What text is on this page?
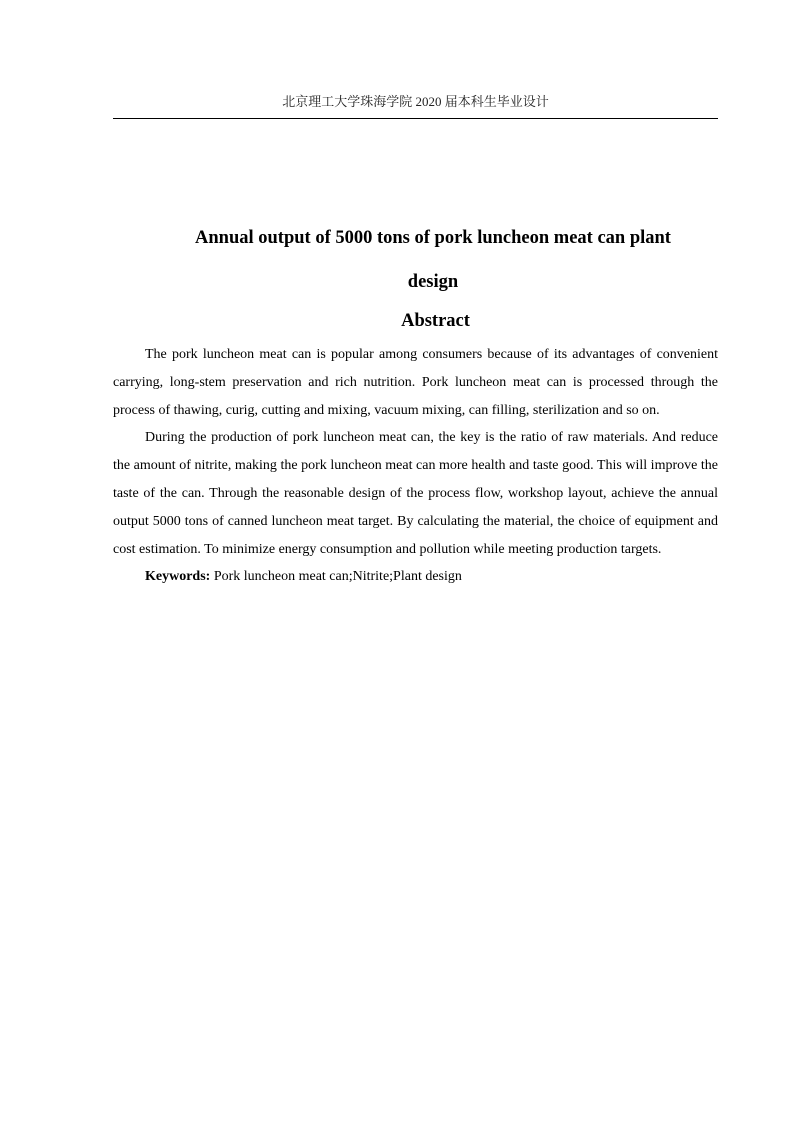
北京理工大学珠海学院 2020 届本科生毕业设计
Annual output of 5000 tons of pork luncheon meat can plant
design
Abstract

The pork luncheon meat can is popular among consumers because of its advantages of convenient carrying, long-stem preservation and rich nutrition. Pork luncheon meat can is processed through the process of thawing, curig, cutting and mixing, vacuum mixing, can filling, sterilization and so on.

During the production of pork luncheon meat can, the key is the ratio of raw materials. And reduce the amount of nitrite, making the pork luncheon meat can more health and taste good. This will improve the taste of the can. Through the reasonable design of the process flow, workshop layout, achieve the annual output 5000 tons of canned luncheon meat target. By calculating the material, the choice of equipment and cost estimation. To minimize energy consumption and pollution while meeting production targets.

Keywords: Pork luncheon meat can;Nitrite;Plant design
